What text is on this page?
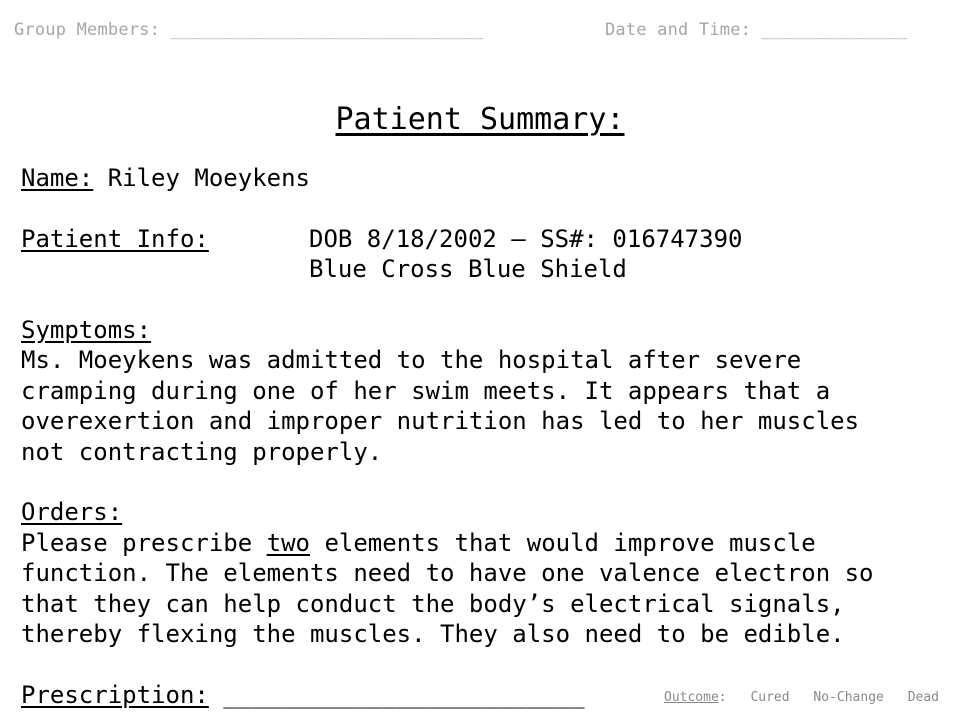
Group Members: ______________________________	Date and Time: ______________
Patient Summary:
Name: Riley Moeykens
Patient Info:	DOB 8/18/2002 – SS#: 016747390
Blue Cross Blue Shield
Symptoms:
Ms. Moeykens was admitted to the hospital after severe
cramping during one of her swim meets. It appears that a
overexertion and improper nutrition has led to her muscles
not contracting properly.
Orders:
Please prescribe two elements that would improve muscle
function. The elements need to have one valence electron so
that they can help conduct the body’s electrical signals,
thereby flexing the muscles. They also need to be edible.
Prescription: _________________________	Outcome: Cured No-Change Dead
